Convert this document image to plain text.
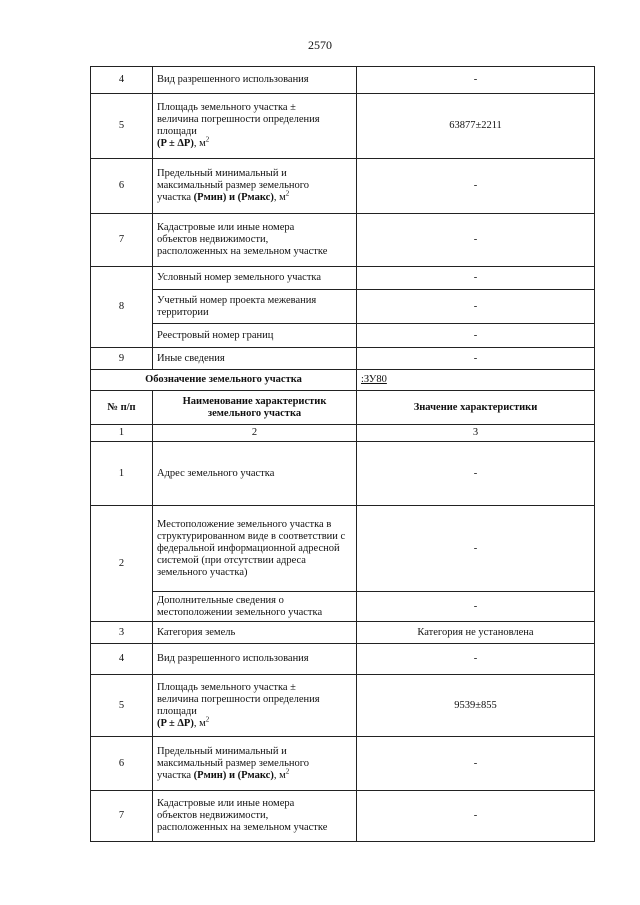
2570
4	Вид разрешенного использования	-
5	Площадь земельного участка ±
величина погрешности определения
площади
(P ± ΔP), $м^2$	63877±2211
6	Предельный минимальный и
максимальный размер земельного
участка (Pмин) и (Pмакс), $м^2$	-
7	Кадастровые или иные номера
объектов недвижимости,
расположенных на земельном участке	-
8	Условный номер земельного участка	-
	Учетный номер проекта межевания территории	-
	Реестровый номер границ	-
9	Иные сведения	-
Обозначение земельного участка		:ЗУ80
№ п/п	Наименование характеристик земельного участка	Значение характеристики
1	2	3
1	Адрес земельного участка	-
2	Местоположение земельного участка в структурированном виде в соответствии с федеральной информационной адресной системой (при отсутствии адреса земельного участка)	-
	Дополнительные сведения о местоположении земельного участка	-
3	Категория земель	Категория не установлена
4	Вид разрешенного использования	-
5	Площадь земельного участка ±
величина погрешности определения
площади
(P ± ΔP), $м^2$	9539±855
6	Предельный минимальный и
максимальный размер земельного
участка (Pмин) и (Pмакс), $м^2$	-
7	Кадастровые или иные номера
объектов недвижимости,
расположенных на земельном участке	-
